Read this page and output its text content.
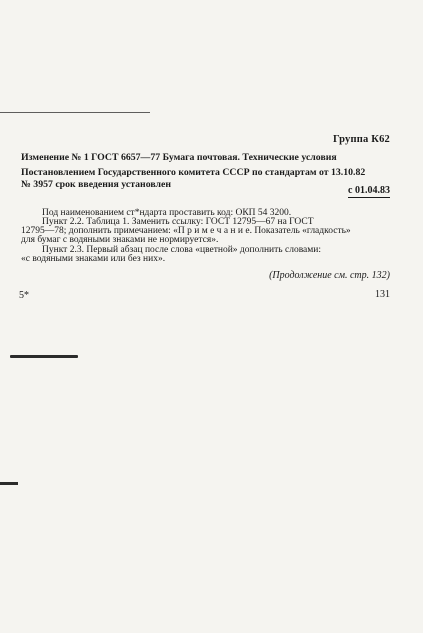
Группа К62
Изменение № 1 ГОСТ 6657—77 Бумага почтовая. Технические условия
Постановлением Государственного комитета СССР по стандартам от 13.10.82
№ 3957 срок введения установлен
с 01.04.83
Под наименованием ст*ндарта проставить код: ОКП 54 3200.
Пункт 2.2. Таблица 1. Заменить ссылку: ГОСТ 12795—67 на ГОСТ
12795—78; дополнить примечанием: «П р и м е ч а н и е. Показатель «гладкость»
для бумаг с водяными знаками не нормируется».
Пункт 2.3. Первый абзац после слова «цветной» дополнить словами:
«с водяными знаками или без них».
(Продолжение см. стр. 132)
5*	131
